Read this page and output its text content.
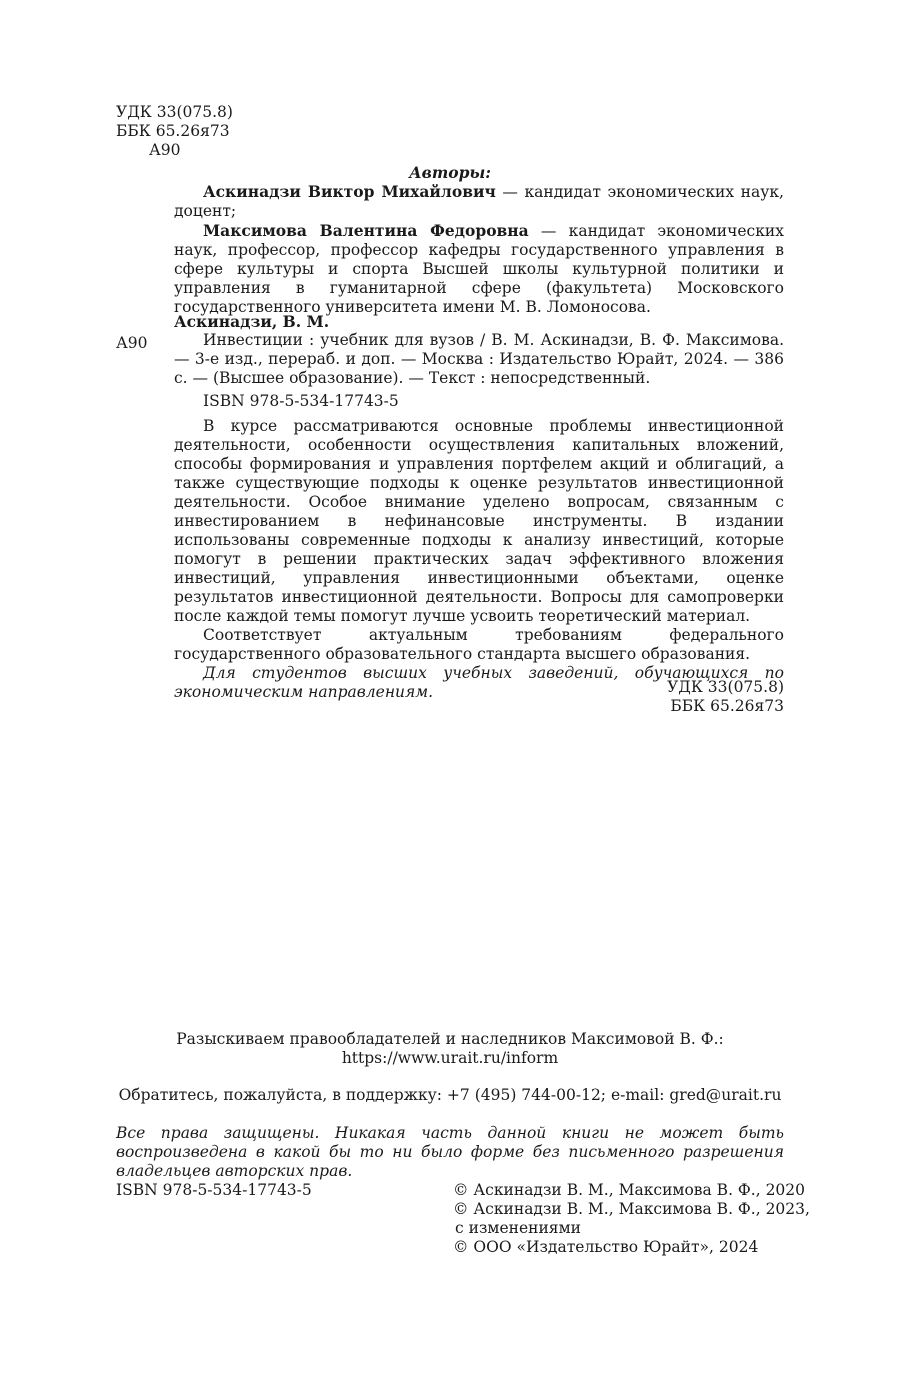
УДК 33(075.8)
ББК 65.26я73
А90
Авторы:

Аскинадзи Виктор Михайлович — кандидат экономических наук, доцент;

Максимова Валентина Федоровна — кандидат экономических наук, профессор, профессор кафедры государственного управления в сфере культуры и спорта Высшей школы культурной политики и управления в гуманитарной сфере (факультета) Московского государственного университета имени М. В. Ломоносова.

Аскинадзи, В. М.
А90	Инвестиции : учебник для вузов / В. М. Аскинадзи, В. Ф. Максимова. — 3-е изд., перераб. и доп. — Москва : Издательство Юрайт, 2024. — 386 с. — (Высшее образование). — Текст : непосредственный.
ISBN 978-5-534-17743-5

В курсе рассматриваются основные проблемы инвестиционной деятельности, особенности осуществления капитальных вложений, способы формирования и управления портфелем акций и облигаций, а также существующие подходы к оценке результатов инвестиционной деятельности. Особое внимание уделено вопросам, связанным с инвестированием в нефинансовые инструменты. В издании использованы современные подходы к анализу инвестиций, которые помогут в решении практических задач эффективного вложения инвестиций, управления инвестиционными объектами, оценке результатов инвестиционной деятельности. Вопросы для самопроверки после каждой темы помогут лучше усвоить теоретический материал.

Соответствует актуальным требованиям федерального государственного образовательного стандарта высшего образования.

Для студентов высших учебных заведений, обучающихся по экономическим направлениям.	УДК 33(075.8)
ББК 65.26я73
Разыскиваем правообладателей и наследников Максимовой В. Ф.:
https://www.urait.ru/inform
Обратитесь, пожалуйста, в поддержку: +7 (495) 744-00-12; e-mail: gred@urait.ru
Все права защищены. Никакая часть данной книги не может быть воспроизведена в какой бы то ни было форме без письменного разрешения владельцев авторских прав.
ISBN 978-5-534-17743-5	© Аскинадзи В. М., Максимова В. Ф., 2020
© Аскинадзи В. М., Максимова В. Ф., 2023,
с изменениями
© ООО «Издательство Юрайт», 2024
